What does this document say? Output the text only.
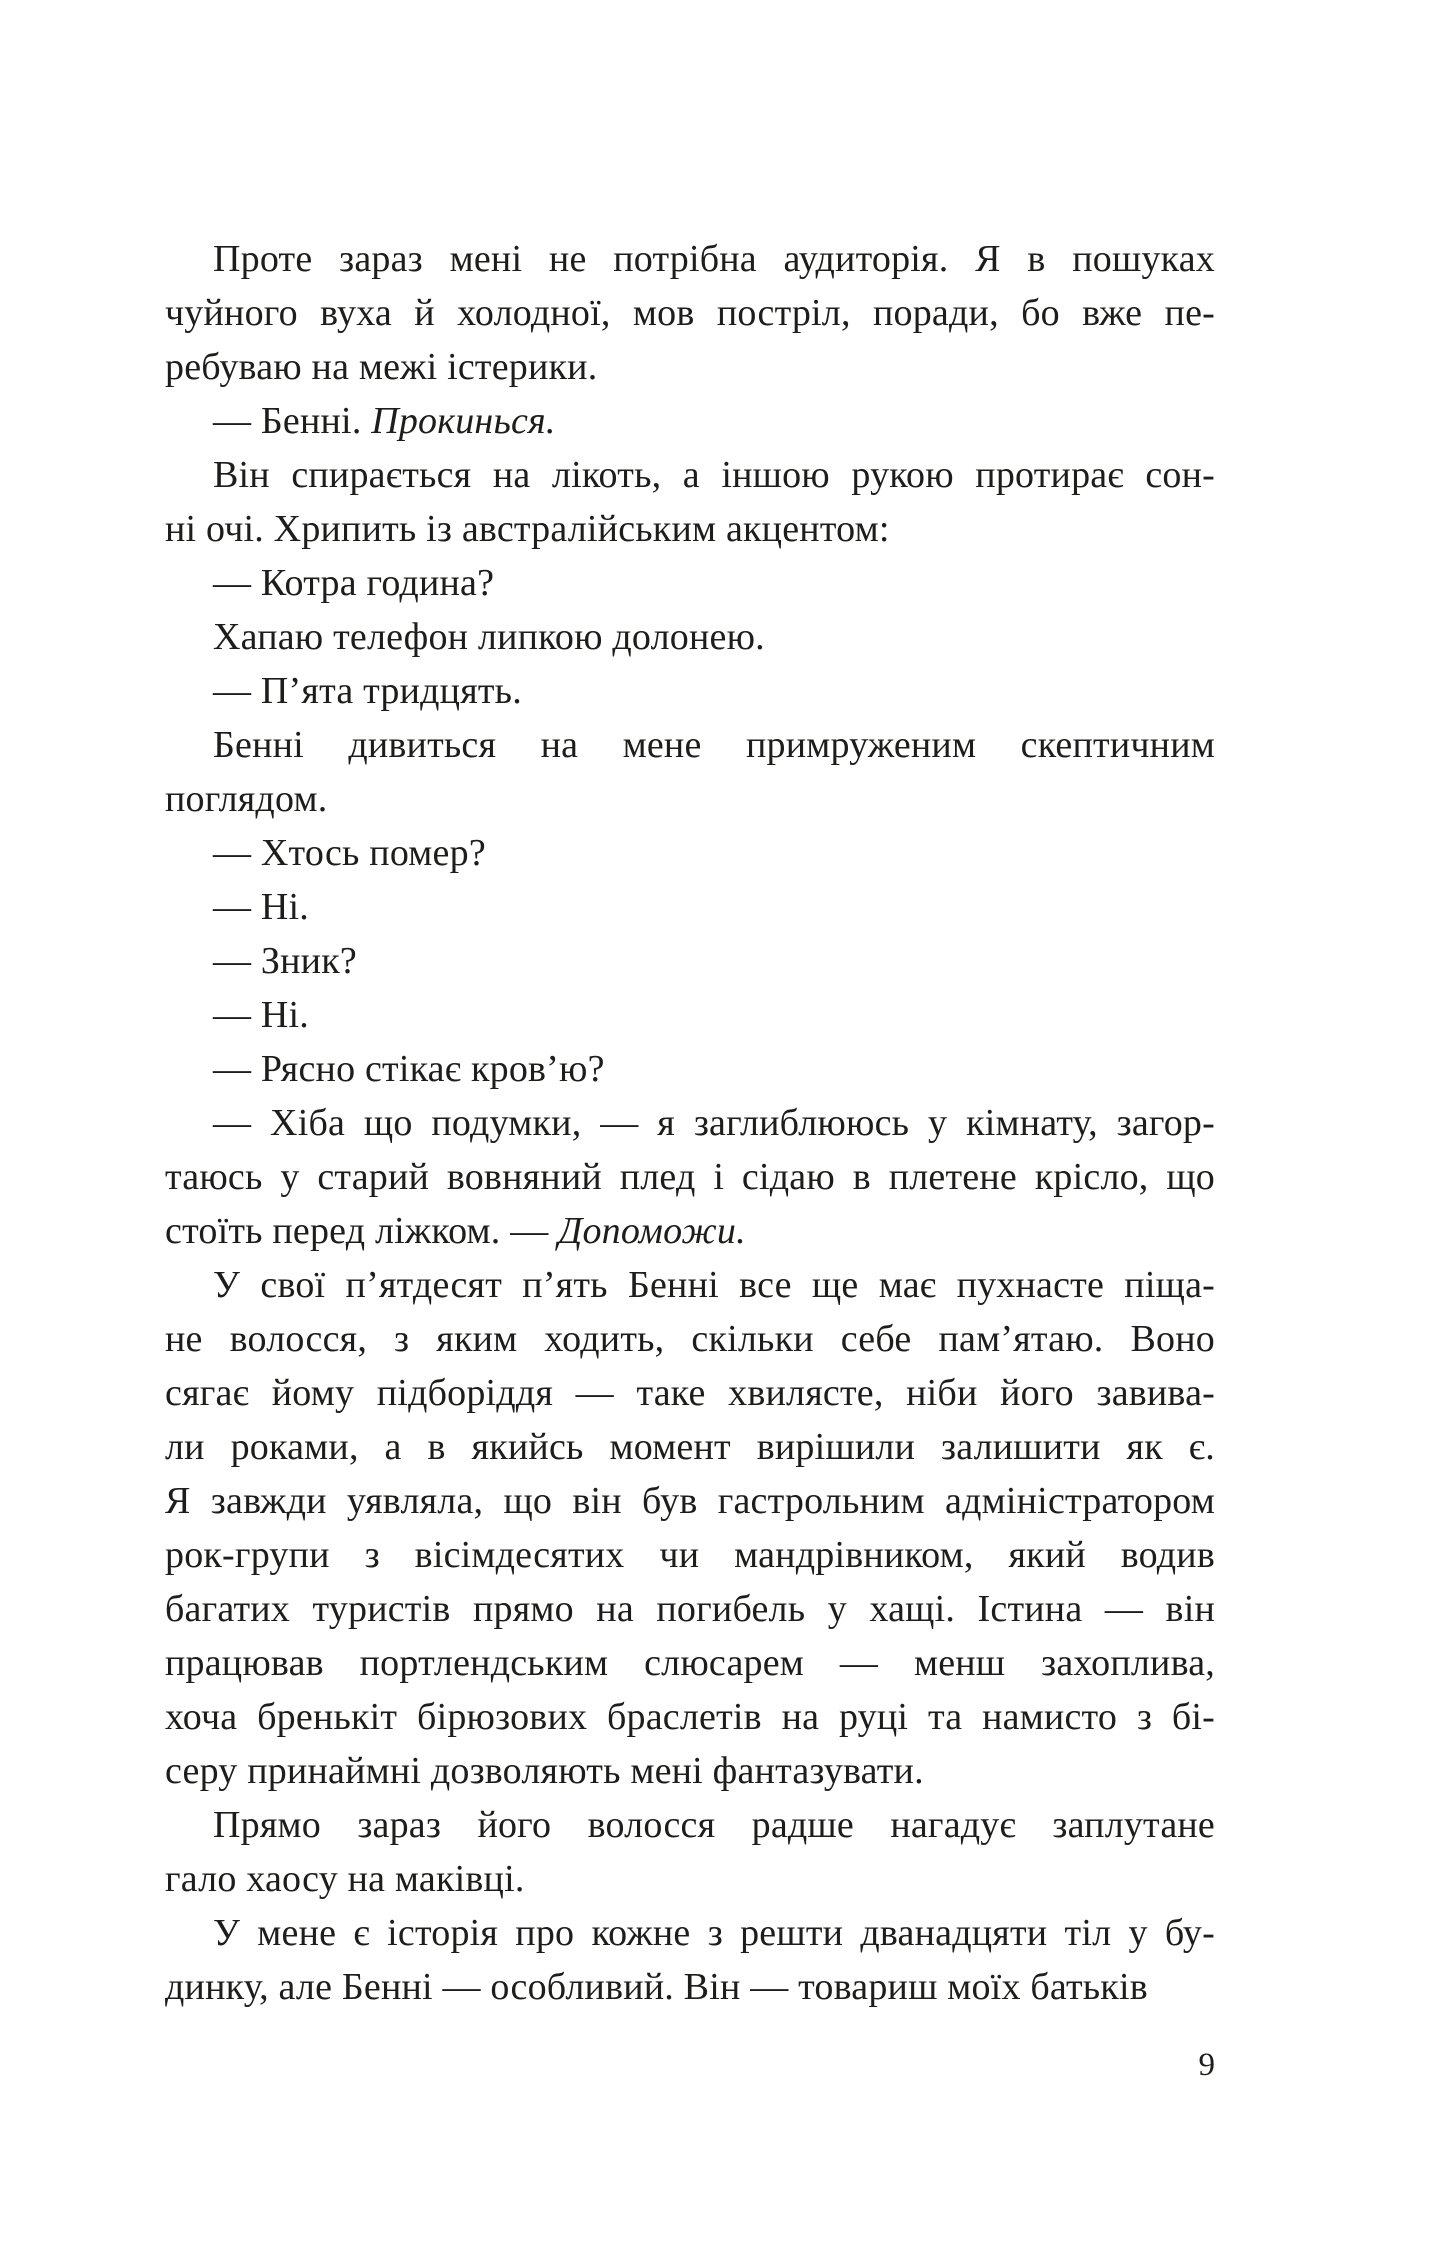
Проте зараз мені не потрібна аудиторія. Я в пошуках
чуйного вуха й холодної, мов постріл, поради, бо вже пе-
ребуваю на межі істерики.
— Бенні. Прокинься.
Він спирається на лікоть, а іншою рукою протирає сон-
ні очі. Хрипить із австралійським акцентом:
— Котра година?
Хапаю телефон липкою долонею.
— П’ята тридцять.
Бенні дивиться на мене примруженим скептичним
поглядом.
— Хтось помер?
— Ні.
— Зник?
— Ні.
— Рясно стікає кров’ю?
— Хіба що подумки, — я заглиблююсь у кімнату, загор-
таюсь у старий вовняний плед і сідаю в плетене крісло, що
стоїть перед ліжком. — Допоможи.
У свої п’ятдесят п’ять Бенні все ще має пухнасте піща-
не волосся, з яким ходить, скільки себе пам’ятаю. Воно
сягає йому підборіддя — таке хвилясте, ніби його завива-
ли роками, а в якийсь момент вирішили залишити як є.
Я завжди уявляла, що він був гастрольним адміністратором
рок-групи з вісімдесятих чи мандрівником, який водив
багатих туристів прямо на погибель у хащі. Істина — він
працював портлендським слюсарем — менш захоплива,
хоча бренькіт бірюзових браслетів на руці та намисто з бі-
серу принаймні дозволяють мені фантазувати.
Прямо зараз його волосся радше нагадує заплутане
гало хаосу на маківці.
У мене є історія про кожне з решти дванадцяти тіл у бу-
динку, але Бенні — особливий. Він — товариш моїх батьків
9
